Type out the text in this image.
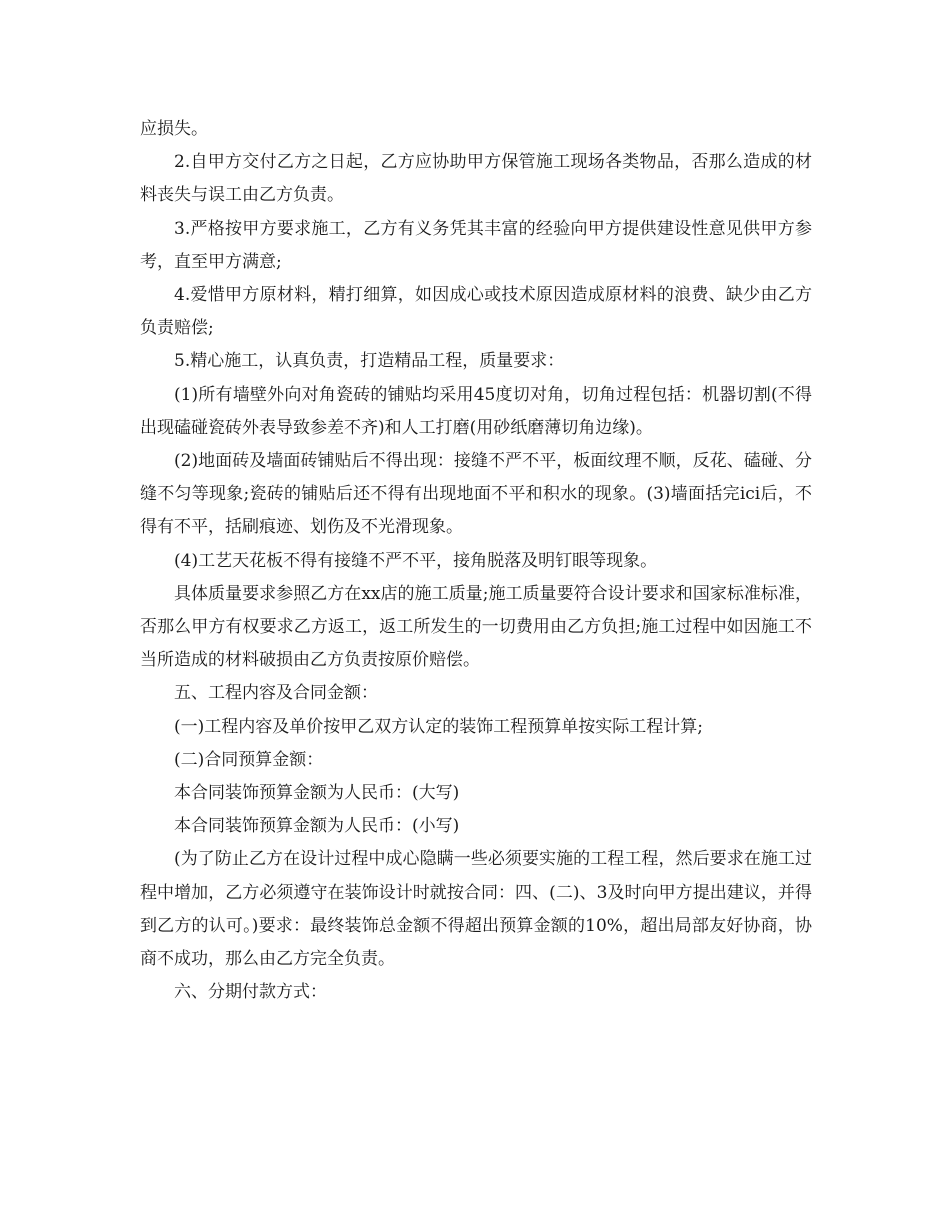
应损失。

2.自甲方交付乙方之日起，乙方应协助甲方保管施工现场各类物品，否那么造成的材料丧失与误工由乙方负责。

3.严格按甲方要求施工，乙方有义务凭其丰富的经验向甲方提供建设性意见供甲方参考，直至甲方满意;

4.爱惜甲方原材料，精打细算，如因成心或技术原因造成原材料的浪费、缺少由乙方负责赔偿;

5.精心施工，认真负责，打造精品工程，质量要求：

(1)所有墙壁外向对角瓷砖的铺贴均采用45度切对角，切角过程包括：机器切割(不得出现磕碰瓷砖外表导致参差不齐)和人工打磨(用砂纸磨薄切角边缘)。

(2)地面砖及墙面砖铺贴后不得出现：接缝不严不平，板面纹理不顺，反花、磕碰、分缝不匀等现象;瓷砖的铺贴后还不得有出现地面不平和积水的现象。(3)墙面括完ici后，不得有不平，括刷痕迹、划伤及不光滑现象。

(4)工艺天花板不得有接缝不严不平，接角脱落及明钉眼等现象。

具体质量要求参照乙方在xx店的施工质量;施工质量要符合设计要求和国家标准标准，否那么甲方有权要求乙方返工，返工所发生的一切费用由乙方负担;施工过程中如因施工不当所造成的材料破损由乙方负责按原价赔偿。

五、工程内容及合同金额：

(一)工程内容及单价按甲乙双方认定的装饰工程预算单按实际工程计算;

(二)合同预算金额：

本合同装饰预算金额为人民币：(大写)

本合同装饰预算金额为人民币：(小写)

(为了防止乙方在设计过程中成心隐瞒一些必须要实施的工程工程，然后要求在施工过程中增加，乙方必须遵守在装饰设计时就按合同：四、(二)、3及时向甲方提出建议，并得到乙方的认可。)要求：最终装饰总金额不得超出预算金额的10%，超出局部友好协商，协商不成功，那么由乙方完全负责。

六、分期付款方式：
